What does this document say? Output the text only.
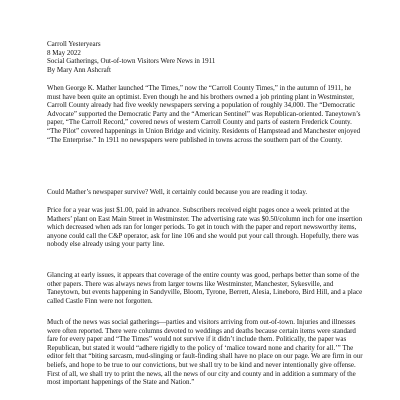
Carroll Yesteryears
8 May 2022
Social Gatherings, Out-of-town Visitors Were News in 1911
By Mary Ann Ashcraft

When George K. Mather launched “The Times,” now the “Carroll County Times,” in the autumn of 1911, he must have been quite an optimist. Even though he and his brothers owned a job printing plant in Westminster, Carroll County already had five weekly newspapers serving a population of roughly 34,000. The “Democratic Advocate” supported the Democratic Party and the “American Sentinel” was Republican-oriented. Taneytown’s paper, “The Carroll Record,” covered news of western Carroll County and parts of eastern Frederick County. “The Pilot” covered happenings in Union Bridge and vicinity. Residents of Hampstead and Manchester enjoyed “The Enterprise.” In 1911 no newspapers were published in towns across the southern part of the County.

Could Mather’s newspaper survive? Well, it certainly could because you are reading it today.

Price for a year was just $1.00, paid in advance. Subscribers received eight pages once a week printed at the Mathers’ plant on East Main Street in Westminster. The advertising rate was $0.50/column inch for one insertion which decreased when ads ran for longer periods. To get in touch with the paper and report newsworthy items, anyone could call the C&P operator, ask for line 106 and she would put your call through. Hopefully, there was nobody else already using your party line.

Glancing at early issues, it appears that coverage of the entire county was good, perhaps better than some of the other papers. There was always news from larger towns like Westminster, Manchester, Sykesville, and Taneytown, but events happening in Sandyville, Bloom, Tyrone, Berrett, Alesia, Lineboro, Bird Hill, and a place called Castle Finn were not forgotten.

Much of the news was social gatherings—parties and visitors arriving from out-of-town. Injuries and illnesses were often reported. There were columns devoted to weddings and deaths because certain items were standard fare for every paper and “The Times” would not survive if it didn’t include them. Politically, the paper was Republican, but stated it would “adhere rigidly to the policy of ‘malice toward none and charity for all.’” The editor felt that “biting sarcasm, mud-slinging or fault-finding shall have no place on our page. We are firm in our beliefs, and hope to be true to our convictions, but we shall try to be kind and never intentionally give offense. First of all, we shall try to print the news, all the news of our city and county and in addition a summary of the most important happenings of the State and Nation.”
